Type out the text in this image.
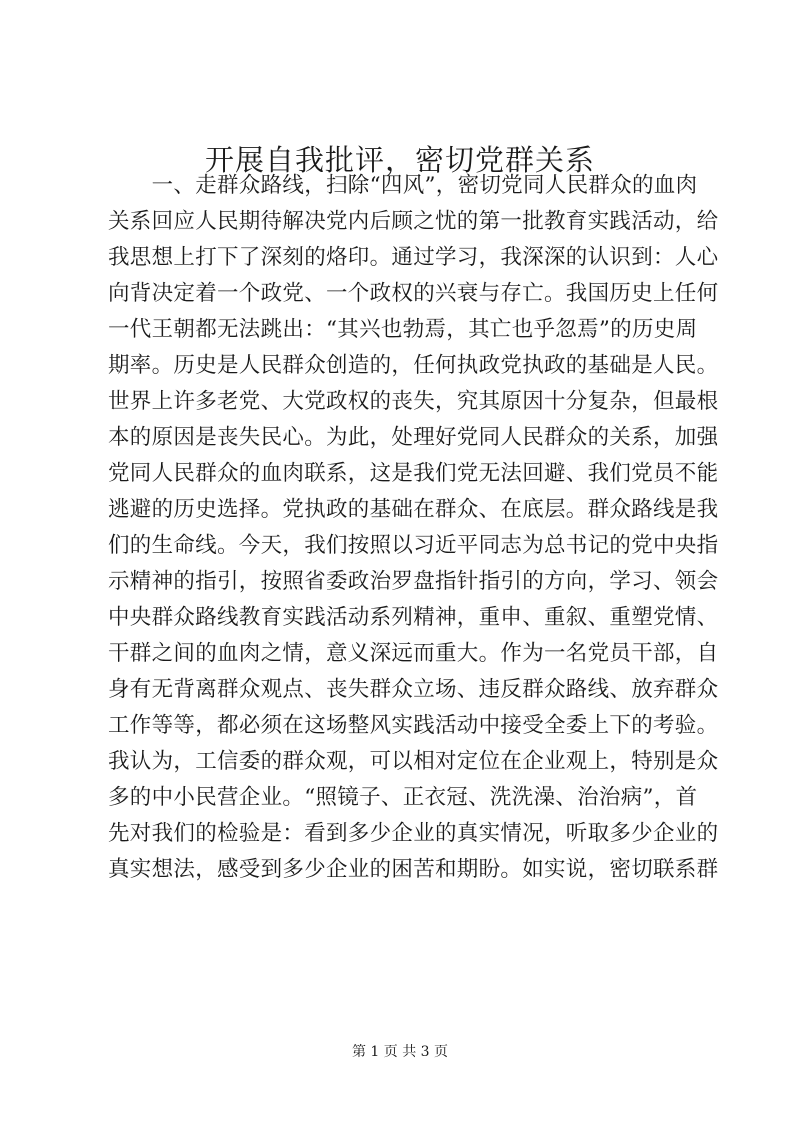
开展自我批评，密切党群关系
　　一、走群众路线，扫除“四风”，密切党同人民群众的血肉
关系回应人民期待解决党内后顾之忧的第一批教育实践活动，给
我思想上打下了深刻的烙印。通过学习，我深深的认识到：人心
向背决定着一个政党、一个政权的兴衰与存亡。我国历史上任何
一代王朝都无法跳出：“其兴也勃焉，其亡也乎忽焉”的历史周
期率。历史是人民群众创造的，任何执政党执政的基础是人民。
世界上许多老党、大党政权的丧失，究其原因十分复杂，但最根
本的原因是丧失民心。为此，处理好党同人民群众的关系，加强
党同人民群众的血肉联系，这是我们党无法回避、我们党员不能
逃避的历史选择。党执政的基础在群众、在底层。群众路线是我
们的生命线。今天，我们按照以习近平同志为总书记的党中央指
示精神的指引，按照省委政治罗盘指针指引的方向，学习、领会
中央群众路线教育实践活动系列精神，重申、重叙、重塑党情、
干群之间的血肉之情，意义深远而重大。作为一名党员干部，自
身有无背离群众观点、丧失群众立场、违反群众路线、放弃群众
工作等等，都必须在这场整风实践活动中接受全委上下的考验。
我认为，工信委的群众观，可以相对定位在企业观上，特别是众
多的中小民营企业。“照镜子、正衣冠、洗洗澡、治治病”，首
先对我们的检验是：看到多少企业的真实情况，听取多少企业的
真实想法，感受到多少企业的困苦和期盼。如实说，密切联系群
第 1 页 共 3 页
